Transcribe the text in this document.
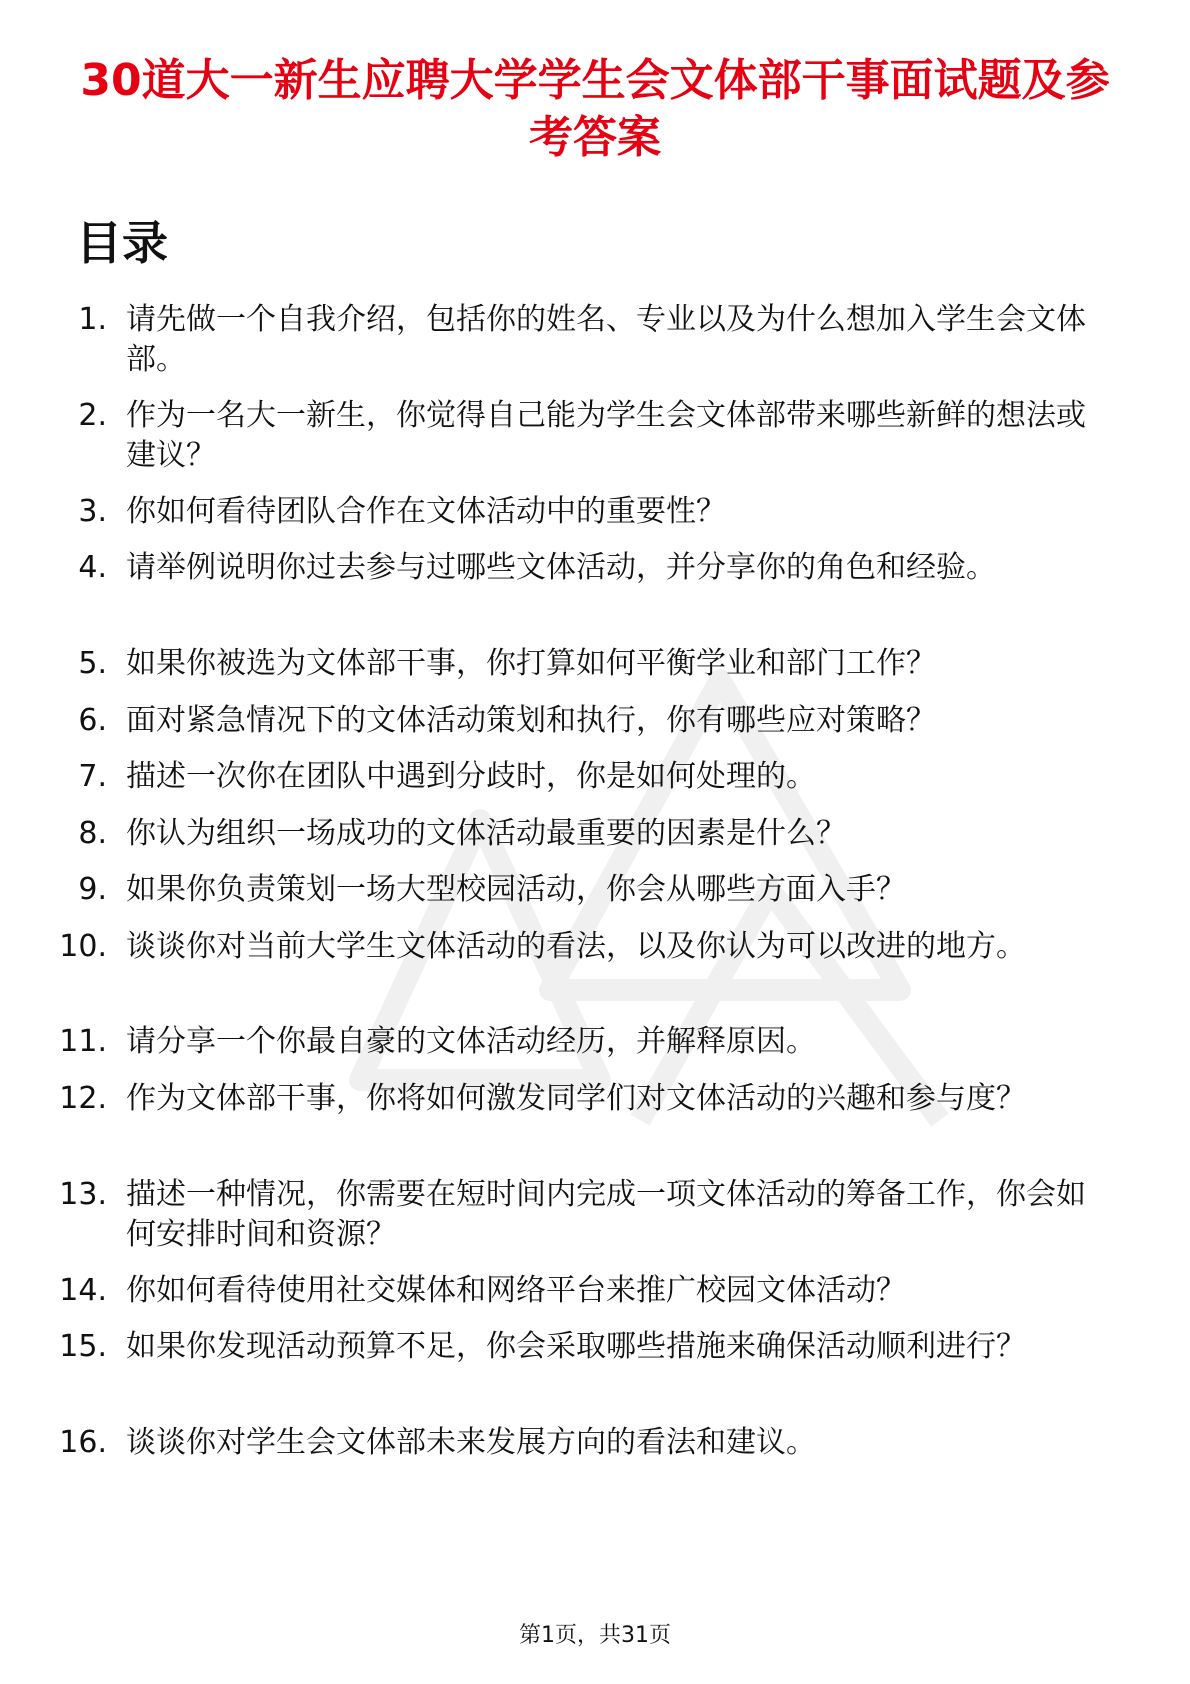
30道大一新生应聘大学学生会文体部干事面试题及参考答案
目录
1. 请先做一个自我介绍，包括你的姓名、专业以及为什么想加入学生会文体部。
2. 作为一名大一新生，你觉得自己能为学生会文体部带来哪些新鲜的想法或建议？
3. 你如何看待团队合作在文体活动中的重要性？
4. 请举例说明你过去参与过哪些文体活动，并分享你的角色和经验。
5. 如果你被选为文体部干事，你打算如何平衡学业和部门工作？
6. 面对紧急情况下的文体活动策划和执行，你有哪些应对策略？
7. 描述一次你在团队中遇到分歧时，你是如何处理的。
8. 你认为组织一场成功的文体活动最重要的因素是什么？
9. 如果你负责策划一场大型校园活动，你会从哪些方面入手？
10. 谈谈你对当前大学生文体活动的看法，以及你认为可以改进的地方。
11. 请分享一个你最自豪的文体活动经历，并解释原因。
12. 作为文体部干事，你将如何激发同学们对文体活动的兴趣和参与度？
13. 描述一种情况，你需要在短时间内完成一项文体活动的筹备工作，你会如何安排时间和资源？
14. 你如何看待使用社交媒体和网络平台来推广校园文体活动？
15. 如果你发现活动预算不足，你会采取哪些措施来确保活动顺利进行？
16. 谈谈你对学生会文体部未来发展方向的看法和建议。
第1页，共31页
